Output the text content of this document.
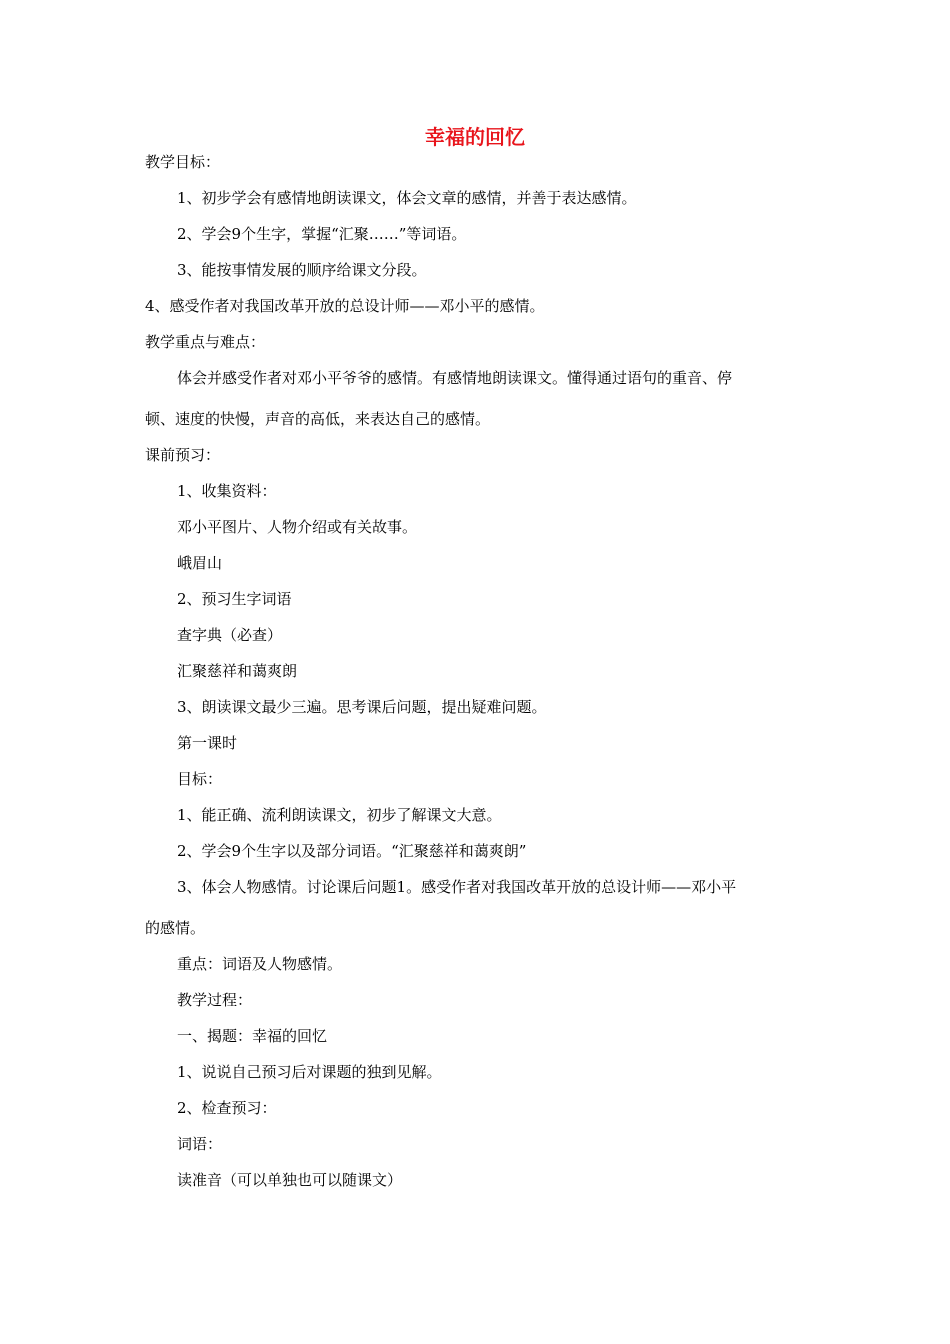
幸福的回忆

教学目标：

1、初步学会有感情地朗读课文，体会文章的感情，并善于表达感情。

2、学会9个生字，掌握“汇聚……”等词语。

3、能按事情发展的顺序给课文分段。

4、感受作者对我国改革开放的总设计师——邓小平的感情。

教学重点与难点：

体会并感受作者对邓小平爷爷的感情。有感情地朗读课文。懂得通过语句的重音、停

顿、速度的快慢，声音的高低，来表达自己的感情。

课前预习：

1、收集资料：

邓小平图片、人物介绍或有关故事。

峨眉山

2、预习生字词语

查字典（必查）

汇聚慈祥和蔼爽朗

3、朗读课文最少三遍。思考课后问题，提出疑难问题。

第一课时

目标：

1、能正确、流利朗读课文，初步了解课文大意。

2、学会9个生字以及部分词语。“汇聚慈祥和蔼爽朗”

3、体会人物感情。讨论课后问题1。感受作者对我国改革开放的总设计师——邓小平

的感情。

重点：词语及人物感情。

教学过程：

一、揭题：幸福的回忆

1、说说自己预习后对课题的独到见解。

2、检查预习：

词语：

读准音（可以单独也可以随课文）
